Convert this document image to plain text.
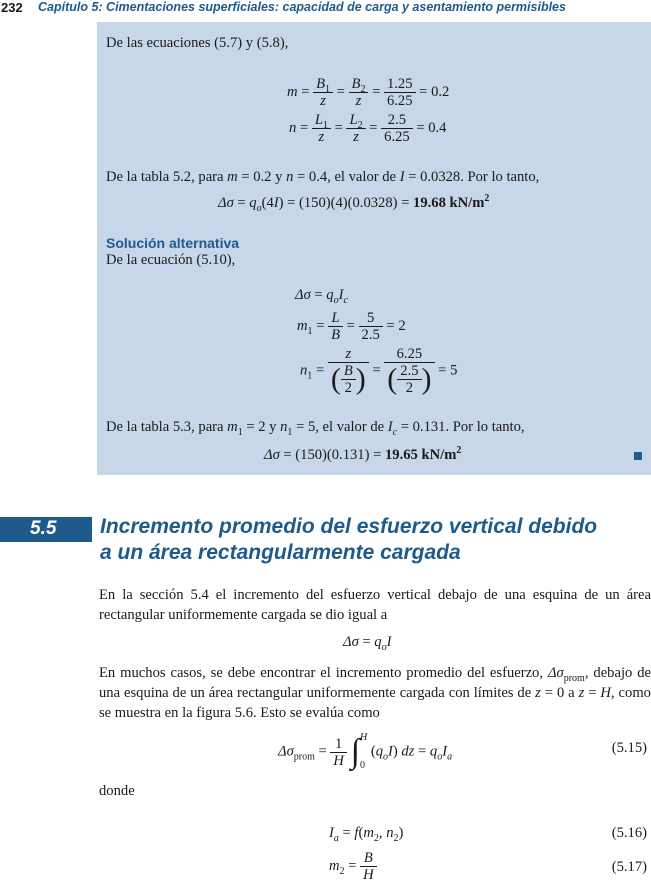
232 Capítulo 5: Cimentaciones superficiales: capacidad de carga y asentamiento permisibles
De las ecuaciones (5.7) y (5.8),
$m = \frac{B_1}{z} = \frac{B_2}{z} = \frac{1.25}{6.25} = 0.2$
$n = \frac{L_1}{z} = \frac{L_2}{z} = \frac{2.5}{6.25} = 0.4$
De la tabla 5.2, para m = 0.2 y n = 0.4, el valor de I = 0.0328. Por lo tanto,
$\Delta\sigma = q_o(4I) = (150)(4)(0.0328) = 19.68$ $kN/m^2$
Solución alternativa
De la ecuación (5.10),
$\Delta\sigma = q_oI_c$
$m_1 = \frac{L}{B} = \frac{5}{2.5} = 2$
$n_1 = \frac{z}{( \frac{B}{2} )} = \frac{6.25}{( \frac{2.5}{2} )} = 5$
De la tabla 5.3, para $m_1 = 2$ y $n_1 = 5$, el valor de $I_c = 0.131$. Por lo tanto,
Δσ = (150)(0.131) = 19.65 $kN/m^2$
5.5 Incremento promedio del esfuerzo vertical debido
a un área rectangularmente cargada
En la sección 5.4 el incremento del esfuerzo vertical debajo de una esquina de un área rectangular uniformemente cargada se dio igual a
$\Delta\sigma = q_oI$
En muchos casos, se debe encontrar el incremento promedio del esfuerzo, $\Delta\sigma_{prom}$, debajo de una esquina de un área rectangular uniformemente cargada con límites de z = 0 a z = H, como se muestra en la figura 5.6. Esto se evalúa como
$\Delta\sigma_{prom} = \frac{1}{H}$ ∫ H
0
$(q_oI)$ dz = $q_oI_a$
(5.15)
donde
$I_a = f(m_2$, $n_2$)	(5.16)
$m_2 = \frac{B}{H}$	(5.17)
